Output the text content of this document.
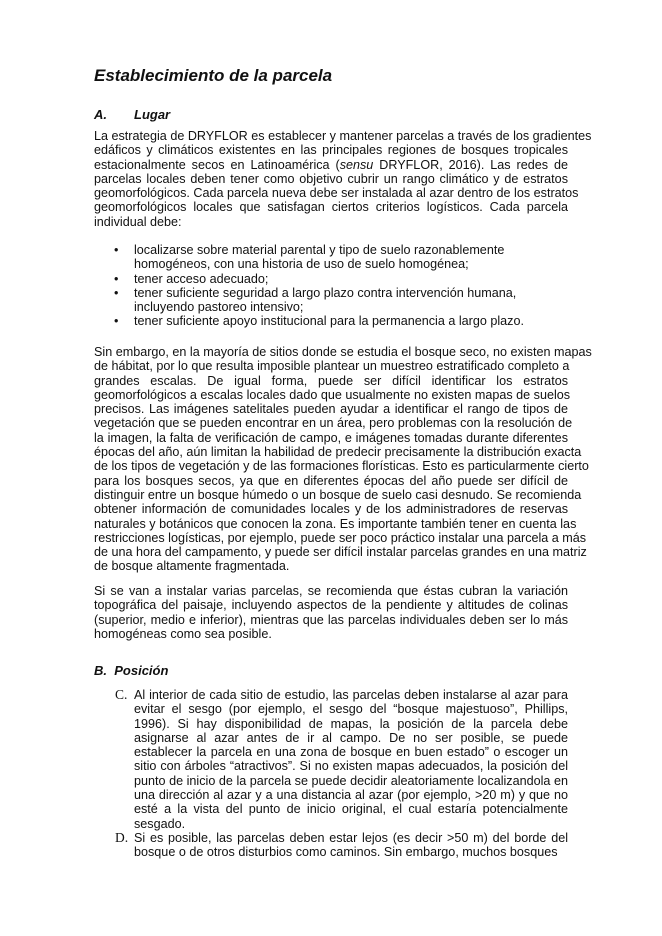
Establecimiento de la parcela
A. Lugar
La estrategia de DRYFLOR es establecer y mantener parcelas a través de los gradientes
edáficos y climáticos existentes en las principales regiones de bosques tropicales
estacionalmente secos en Latinoamérica (sensu DRYFLOR, 2016). Las redes de
parcelas locales deben tener como objetivo cubrir un rango climático y de estratos
geomorfológicos. Cada parcela nueva debe ser instalada al azar dentro de los estratos
geomorfológicos locales que satisfagan ciertos criterios logísticos. Cada parcela
individual debe:
• localizarse sobre material parental y tipo de suelo razonablemente homogéneos, con una historia de uso de suelo homogénea;
• tener acceso adecuado;
• tener suficiente seguridad a largo plazo contra intervención humana, incluyendo pastoreo intensivo;
• tener suficiente apoyo institucional para la permanencia a largo plazo.
Sin embargo, en la mayoría de sitios donde se estudia el bosque seco, no existen mapas
de hábitat, por lo que resulta imposible plantear un muestreo estratificado completo a
grandes escalas. De igual forma, puede ser difícil identificar los estratos
geomorfológicos a escalas locales dado que usualmente no existen mapas de suelos
precisos. Las imágenes satelitales pueden ayudar a identificar el rango de tipos de
vegetación que se pueden encontrar en un área, pero problemas con la resolución de
la imagen, la falta de verificación de campo, e imágenes tomadas durante diferentes
épocas del año, aún limitan la habilidad de predecir precisamente la distribución exacta
de los tipos de vegetación y de las formaciones florísticas. Esto es particularmente cierto
para los bosques secos, ya que en diferentes épocas del año puede ser difícil de
distinguir entre un bosque húmedo o un bosque de suelo casi desnudo. Se recomienda
obtener información de comunidades locales y de los administradores de reservas
naturales y botánicos que conocen la zona. Es importante también tener en cuenta las
restricciones logísticas, por ejemplo, puede ser poco práctico instalar una parcela a más
de una hora del campamento, y puede ser difícil instalar parcelas grandes en una matriz
de bosque altamente fragmentada.
Si se van a instalar varias parcelas, se recomienda que éstas cubran la variación
topográfica del paisaje, incluyendo aspectos de la pendiente y altitudes de colinas
(superior, medio e inferior), mientras que las parcelas individuales deben ser lo más
homogéneas como sea posible.
B. Posición
C. Al interior de cada sitio de estudio, las parcelas deben instalarse al azar para evitar el sesgo (por ejemplo, el sesgo del “bosque majestuoso”, Phillips, 1996). Si hay disponibilidad de mapas, la posición de la parcela debe asignarse al azar antes de ir al campo. De no ser posible, se puede establecer la parcela en una zona de bosque en buen estado” o escoger un sitio con árboles “atractivos”. Si no existen mapas adecuados, la posición del punto de inicio de la parcela se puede decidir aleatoriamente localizandola en una dirección al azar y a una distancia al azar (por ejemplo, >20 m) y que no esté a la vista del punto de inicio original, el cual estaría potencialmente sesgado.
D. Si es posible, las parcelas deben estar lejos (es decir >50 m) del borde del bosque o de otros disturbios como caminos. Sin embargo, muchos bosques
